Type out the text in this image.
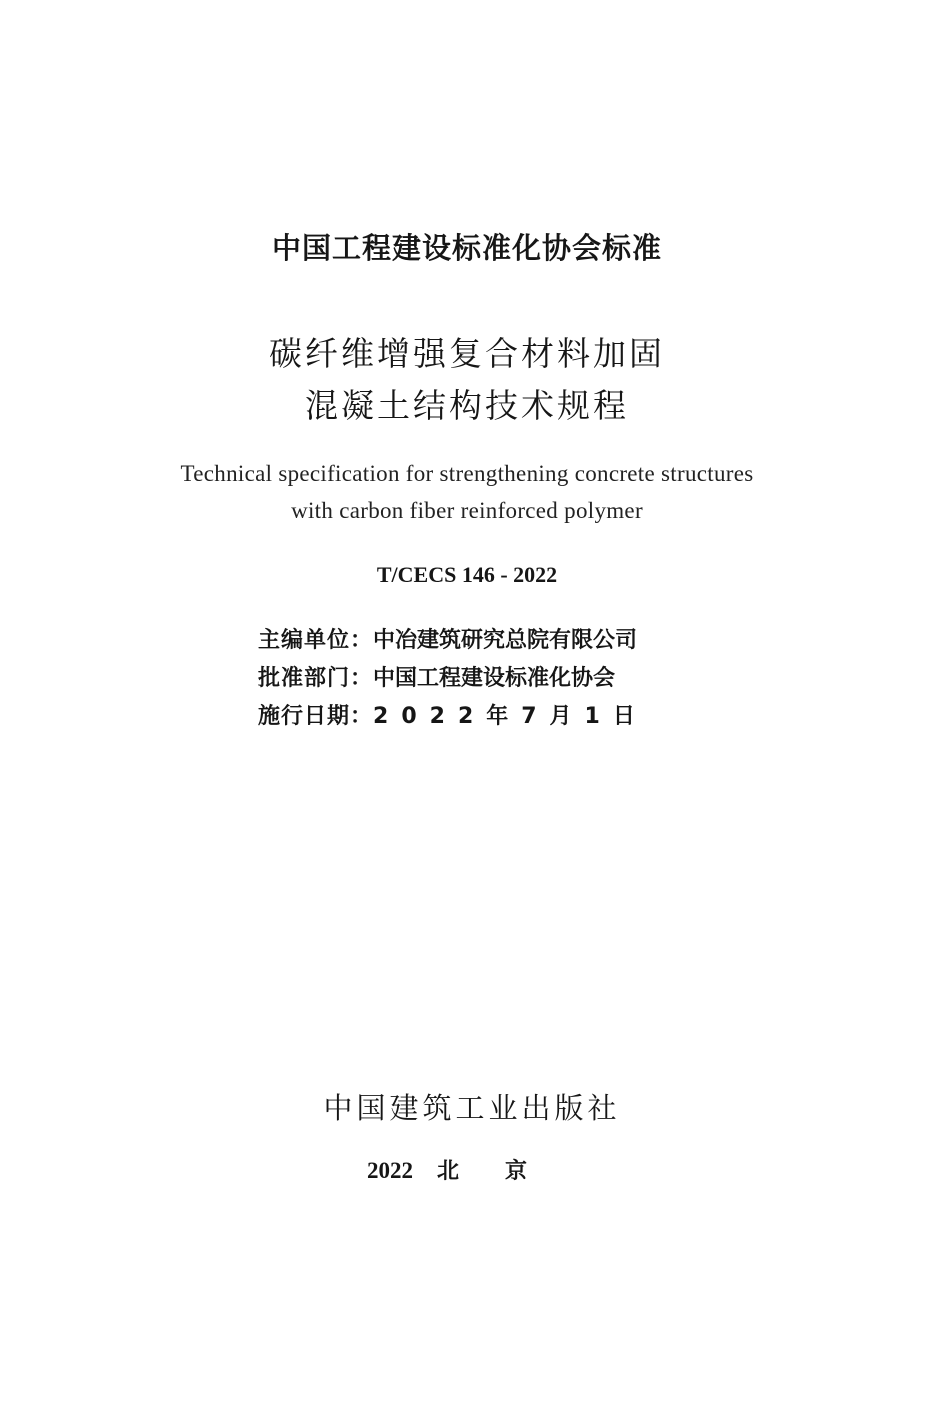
中国工程建设标准化协会标准
碳纤维增强复合材料加固
混凝土结构技术规程
Technical specification for strengthening concrete structures
with carbon fiber reinforced polymer
T/CECS 146 - 2022
主编单位：中冶建筑研究总院有限公司
批准部门：中国工程建设标准化协会
施行日期：2022年7月1日
中国建筑工业出版社
2022 北京
